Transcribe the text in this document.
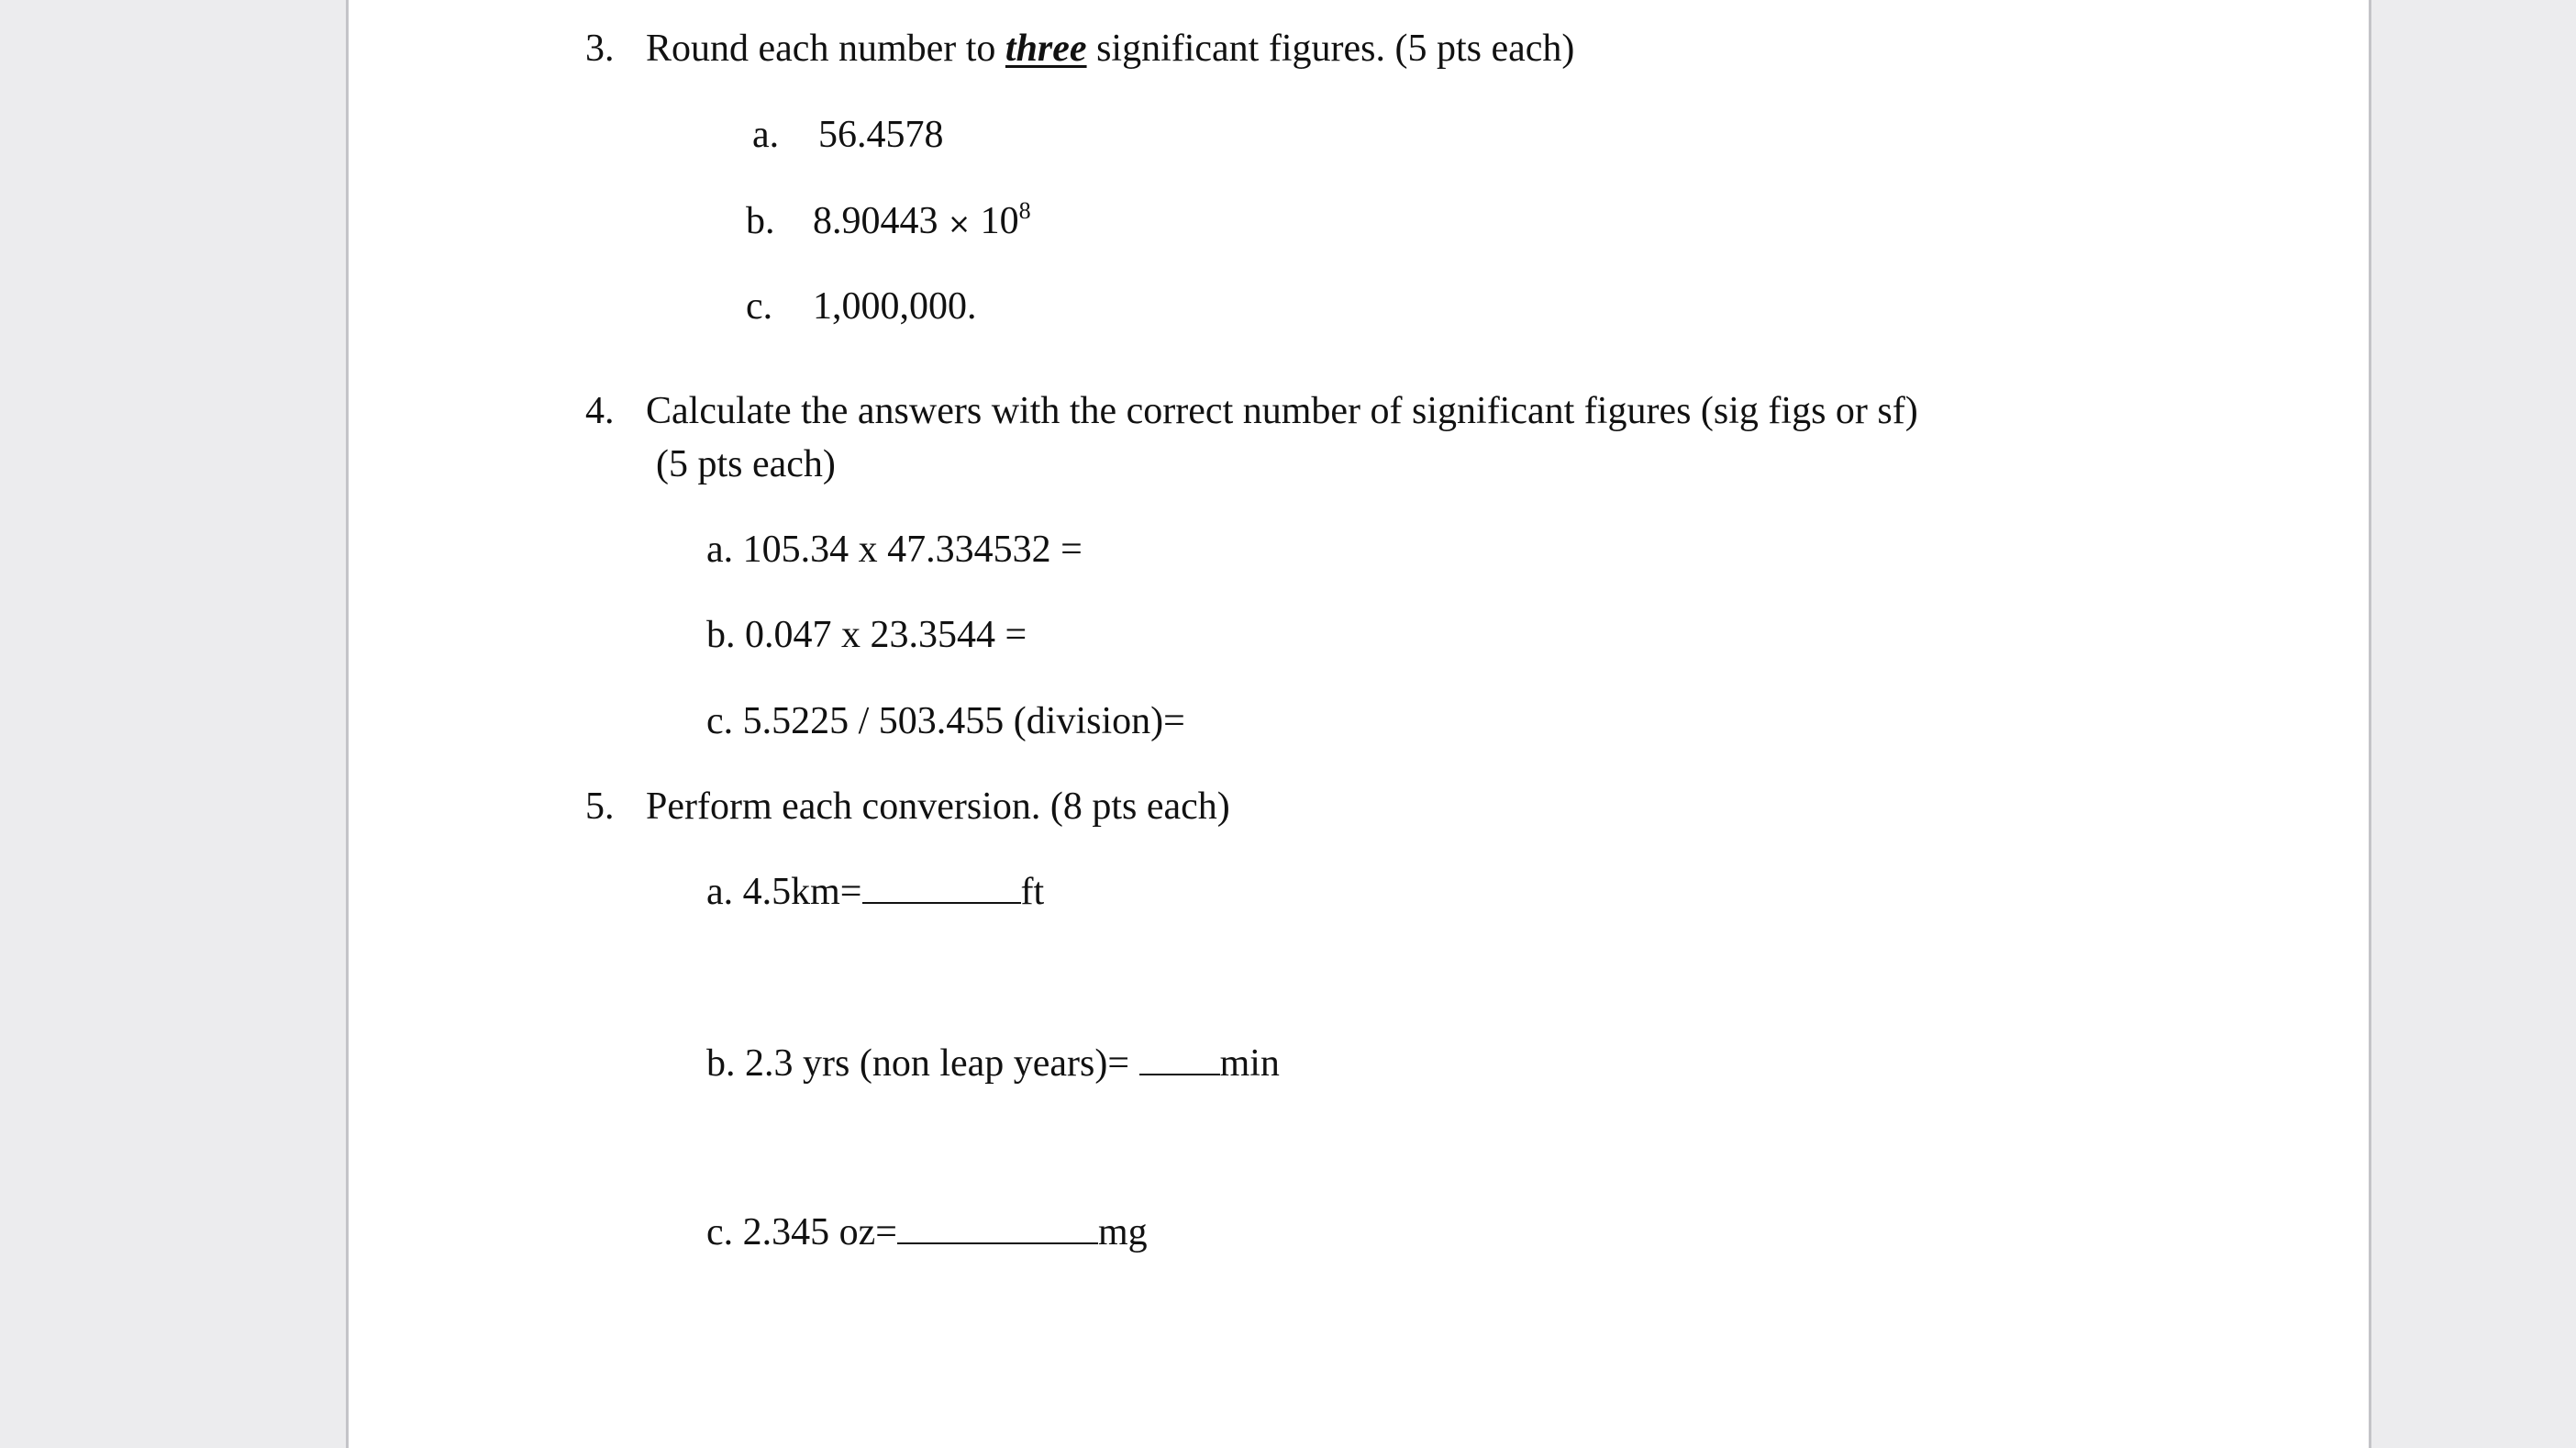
3. Round each number to three significant figures. (5 pts each)
a. 56.4578
b. $8.90443 \times 10^8$
c. 1,000,000.
4. Calculate the answers with the correct number of significant figures (sig figs or sf)
(5 pts each)
a. 105.34 x 47.334532 =
b. 0.047 x 23.3544 =
c. 5.5225 / 503.455 (division)=
5. Perform each conversion. (8 pts each)
a. 4.5km=	ft
b. 2.3 yrs (non leap years)= min
c. 2.345 oz=	mg
